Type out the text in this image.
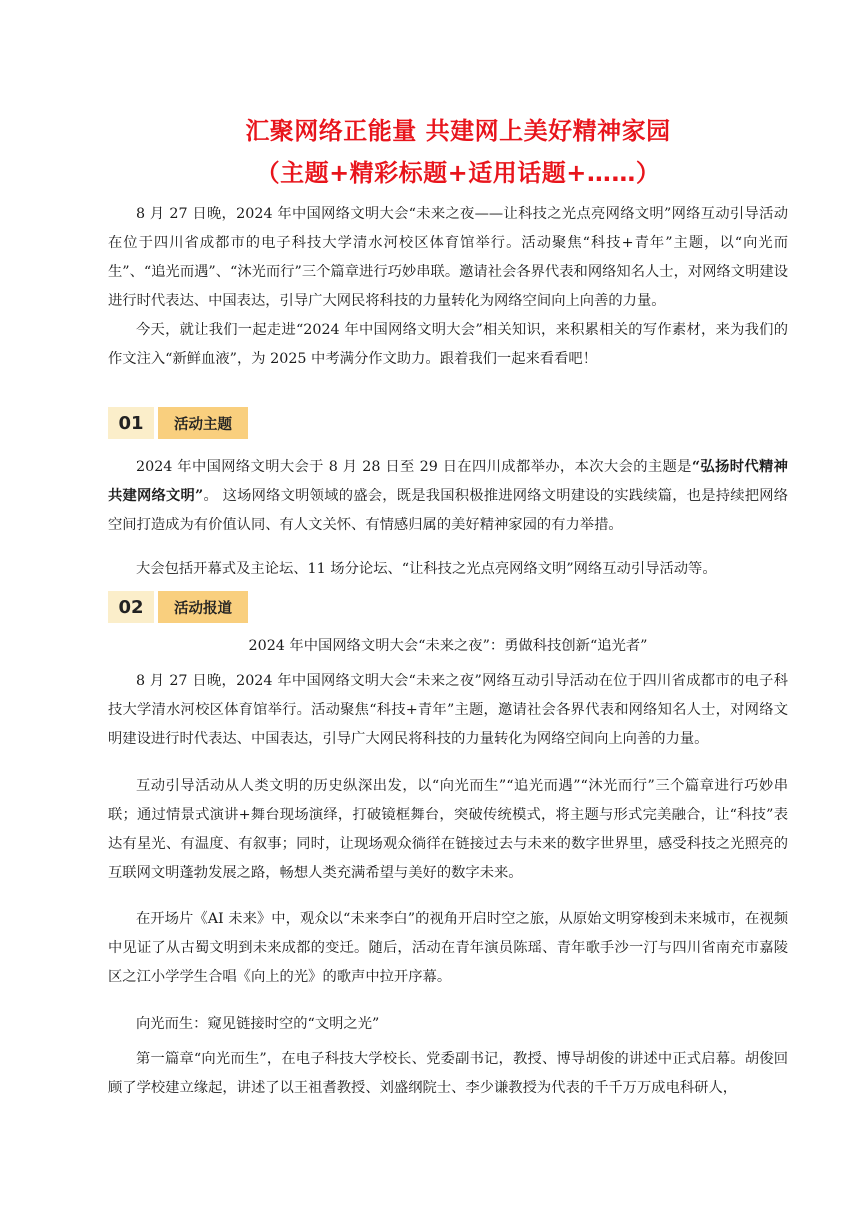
汇聚网络正能量 共建网上美好精神家园
（主题+精彩标题+适用话题+……）

8 月 27 日晚，2024 年中国网络文明大会“未来之夜——让科技之光点亮网络文明”网络互动引导活动在位于四川省成都市的电子科技大学清水河校区体育馆举行。活动聚焦“科技+青年”主题，以“向光而生”、“追光而遇”、“沐光而行”三个篇章进行巧妙串联。邀请社会各界代表和网络知名人士，对网络文明建设进行时代表达、中国表达，引导广大网民将科技的力量转化为网络空间向上向善的力量。

今天，就让我们一起走进“2024 年中国网络文明大会”相关知识，来积累相关的写作素材，来为我们的作文注入“新鲜血液”，为 2025 中考满分作文助力。跟着我们一起来看看吧！

01	活动主题

2024 年中国网络文明大会于 8 月 28 日至 29 日在四川成都举办，本次大会的主题是“弘扬时代精神 共建网络文明”。 这场网络文明领域的盛会，既是我国积极推进网络文明建设的实践续篇，也是持续把网络空间打造成为有价值认同、有人文关怀、有情感归属的美好精神家园的有力举措。

大会包括开幕式及主论坛、11 场分论坛、“让科技之光点亮网络文明”网络互动引导活动等。

02	活动报道
2024 年中国网络文明大会“未来之夜”：勇做科技创新“追光者”

8 月 27 日晚，2024 年中国网络文明大会“未来之夜”网络互动引导活动在位于四川省成都市的电子科技大学清水河校区体育馆举行。活动聚焦“科技+青年”主题，邀请社会各界代表和网络知名人士，对网络文明建设进行时代表达、中国表达，引导广大网民将科技的力量转化为网络空间向上向善的力量。

互动引导活动从人类文明的历史纵深出发，以“向光而生”“追光而遇”“沐光而行”三个篇章进行巧妙串联；通过情景式演讲+舞台现场演绎，打破镜框舞台，突破传统模式，将主题与形式完美融合，让“科技”表达有星光、有温度、有叙事；同时，让现场观众徜徉在链接过去与未来的数字世界里，感受科技之光照亮的互联网文明蓬勃发展之路，畅想人类充满希望与美好的数字未来。

在开场片《AI 未来》中，观众以“未来李白”的视角开启时空之旅，从原始文明穿梭到未来城市，在视频中见证了从古蜀文明到未来成都的变迁。随后，活动在青年演员陈瑶、青年歌手沙一汀与四川省南充市嘉陵区之江小学学生合唱《向上的光》的歌声中拉开序幕。

向光而生：窥见链接时空的“文明之光”

第一篇章“向光而生”，在电子科技大学校长、党委副书记，教授、博导胡俊的讲述中正式启幕。胡俊回顾了学校建立缘起，讲述了以王祖耆教授、刘盛纲院士、李少谦教授为代表的千千万万成电科研人，
